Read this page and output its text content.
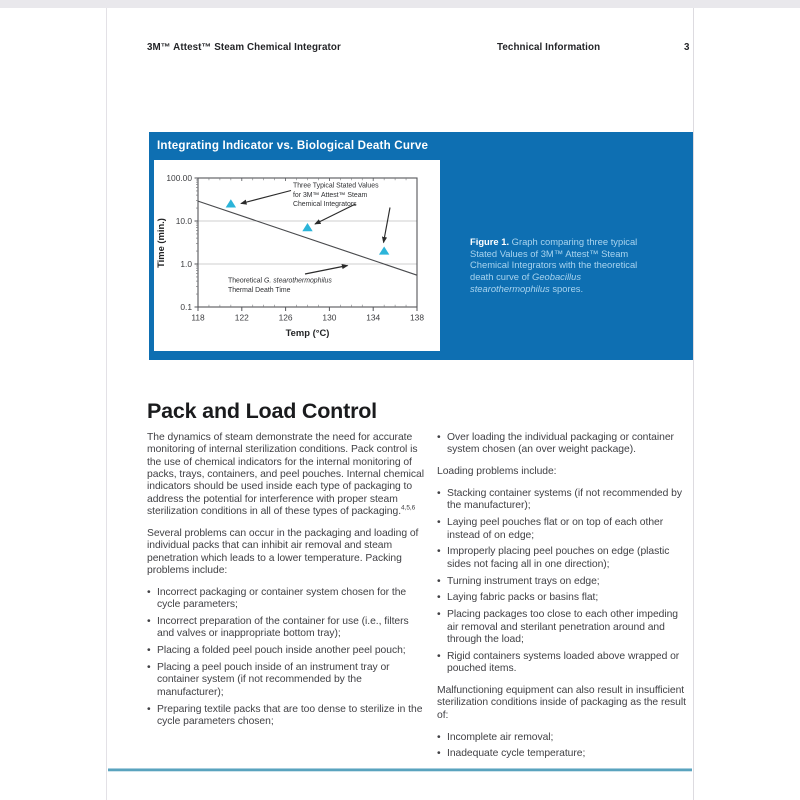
3M™ Attest™ Steam Chemical Integrator	Technical Information	3
Integrating Indicator vs. Biological Death Curve
100.00
10.0
1.0
0.1
118	122	126	130	134	138
Three Typical Stated Values
for 3M™ Attest™ Steam
Chemical Integrators
Theoretical G. stearothermophilus
Thermal Death Time
Time (min.)
Temp (°C)
Figure 1. Graph comparing three typical Stated Values of 3M™ Attest™ Steam Chemical Integrators with the theoretical death curve of Geobacillus stearothermophilus spores.
Pack and Load Control

The dynamics of steam demonstrate the need for accurate monitoring of internal sterilization conditions. Pack control is the use of chemical indicators for the internal monitoring of packs, trays, containers, and peel pouches. Internal chemical indicators should be used inside each type of packaging to address the potential for interference with proper steam sterilization conditions in all of these types of packaging.$^{4,5,6}$

Several problems can occur in the packaging and loading of individual packs that can inhibit air removal and steam penetration which leads to a lower temperature. Packing problems include:

• Incorrect packaging or container system chosen for the cycle parameters;
• Incorrect preparation of the container for use (i.e., filters and valves or inappropriate bottom tray);
• Placing a folded peel pouch inside another peel pouch;
• Placing a peel pouch inside of an instrument tray or container system (if not recommended by the manufacturer);
• Preparing textile packs that are too dense to sterilize in the cycle parameters chosen;
• Over loading the individual packaging or container system chosen (an over weight package).

Loading problems include:

• Stacking container systems (if not recommended by the manufacturer);
• Laying peel pouches flat or on top of each other instead of on edge;
• Improperly placing peel pouches on edge (plastic sides not facing all in one direction);
• Turning instrument trays on edge;
• Laying fabric packs or basins flat;
• Placing packages too close to each other impeding air removal and sterilant penetration around and through the load;
• Rigid containers systems loaded above wrapped or pouched items.

Malfunctioning equipment can also result in insufficient sterilization conditions inside of packaging as the result of:

• Incomplete air removal;
• Inadequate cycle temperature;
